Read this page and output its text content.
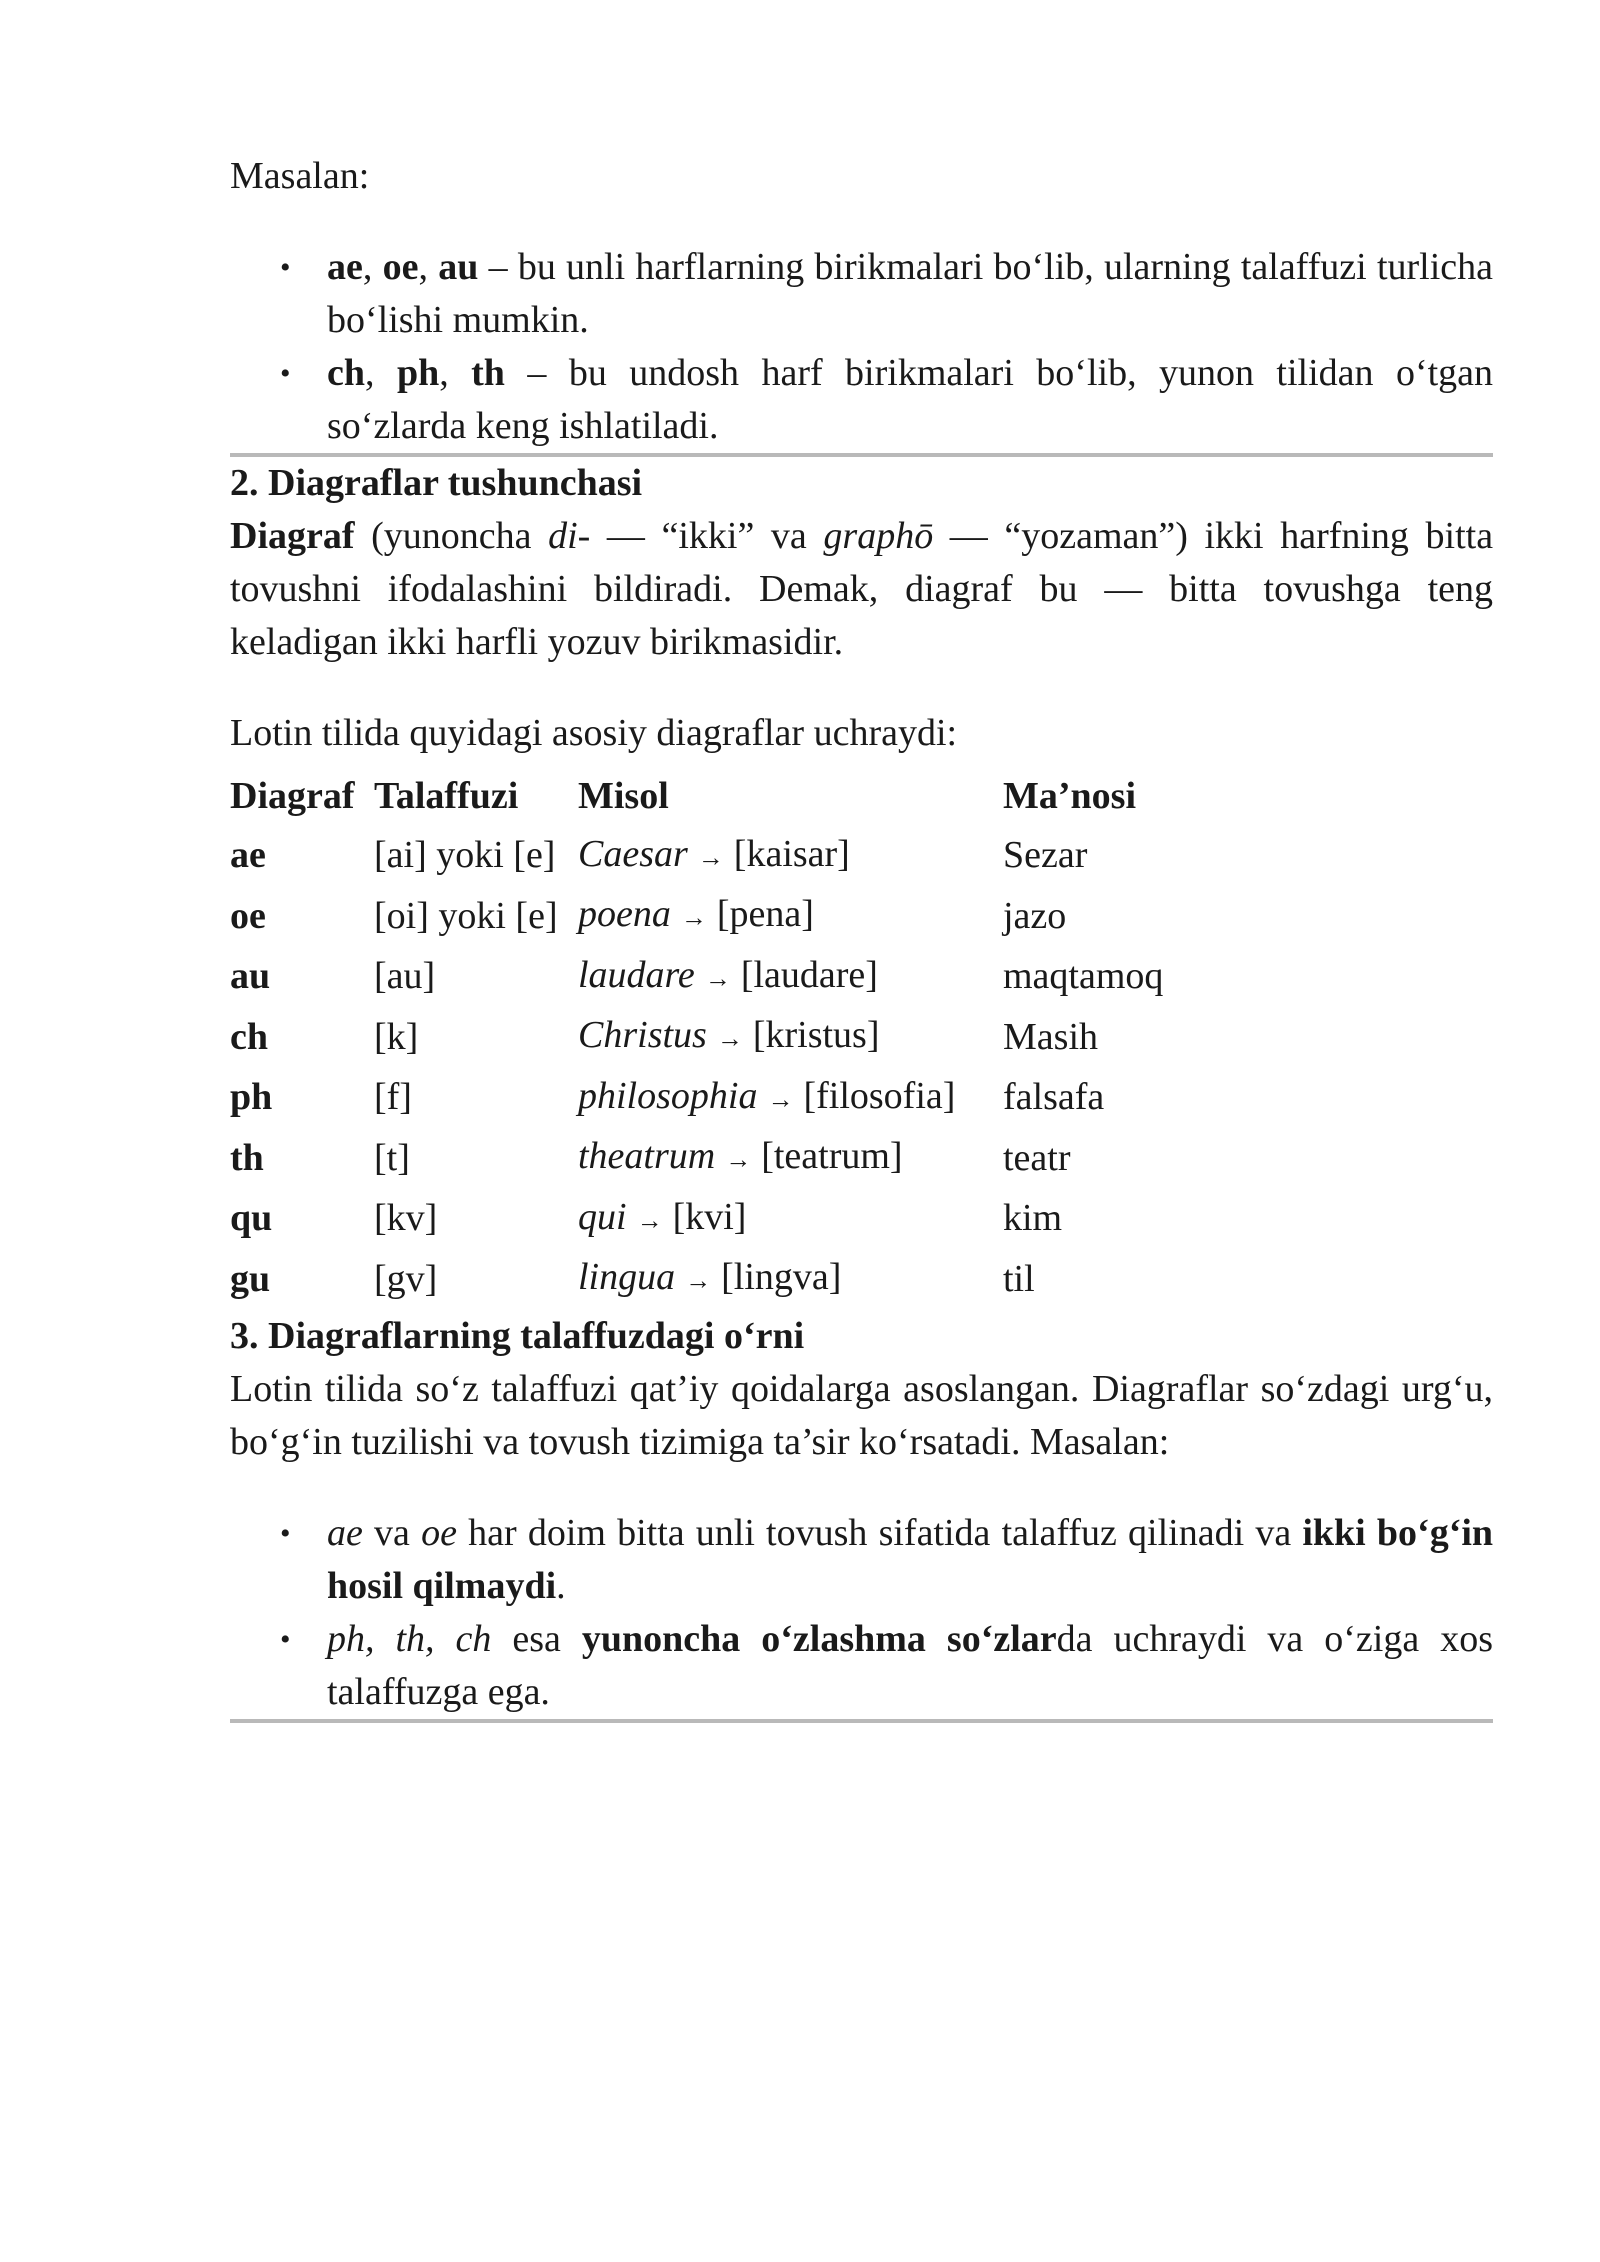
Masalan:

• ae, oe, au – bu unli harflarning birikmalari bo‘lib, ularning talaffuzi turlicha bo‘lishi mumkin.
• ch, ph, th – bu undosh harf birikmalari bo‘lib, yunon tilidan o‘tgan so‘zlarda keng ishlatiladi.
2. Diagraflar tushunchasi

Diagraf (yunoncha di- — “ikki” va graphō — “yozaman”) ikki harfning bitta tovushni ifodalashini bildiradi. Demak, diagraf bu — bitta tovushga teng keladigan ikki harfli yozuv birikmasidir.

Lotin tilida quyidagi asosiy diagraflar uchraydi:

Diagraf	Talaffuzi	Misol	Ma’nosi
ae	[ai] yoki [e]	Caesar → [kaisar]	Sezar
oe	[oi] yoki [e]	poena → [pena]	jazo
au	[au]	laudare → [laudare]	maqtamoq
ch	[k]	Christus → [kristus]	Masih
ph	[f]	philosophia → [filosofia]	falsafa
th	[t]	theatrum → [teatrum]	teatr
qu	[kv]	qui → [kvi]	kim
gu	[gv]	lingua → [lingva]	til
3. Diagraflarning talaffuzdagi o‘rni

Lotin tilida so‘z talaffuzi qat’iy qoidalarga asoslangan. Diagraflar so‘zdagi urg‘u, bo‘g‘in tuzilishi va tovush tizimiga ta’sir ko‘rsatadi. Masalan:

• ae va oe har doim bitta unli tovush sifatida talaffuz qilinadi va ikki bo‘g‘in hosil qilmaydi.
• ph, th, ch esa yunoncha o‘zlashma so‘zlarda uchraydi va o‘ziga xos talaffuzga ega.
